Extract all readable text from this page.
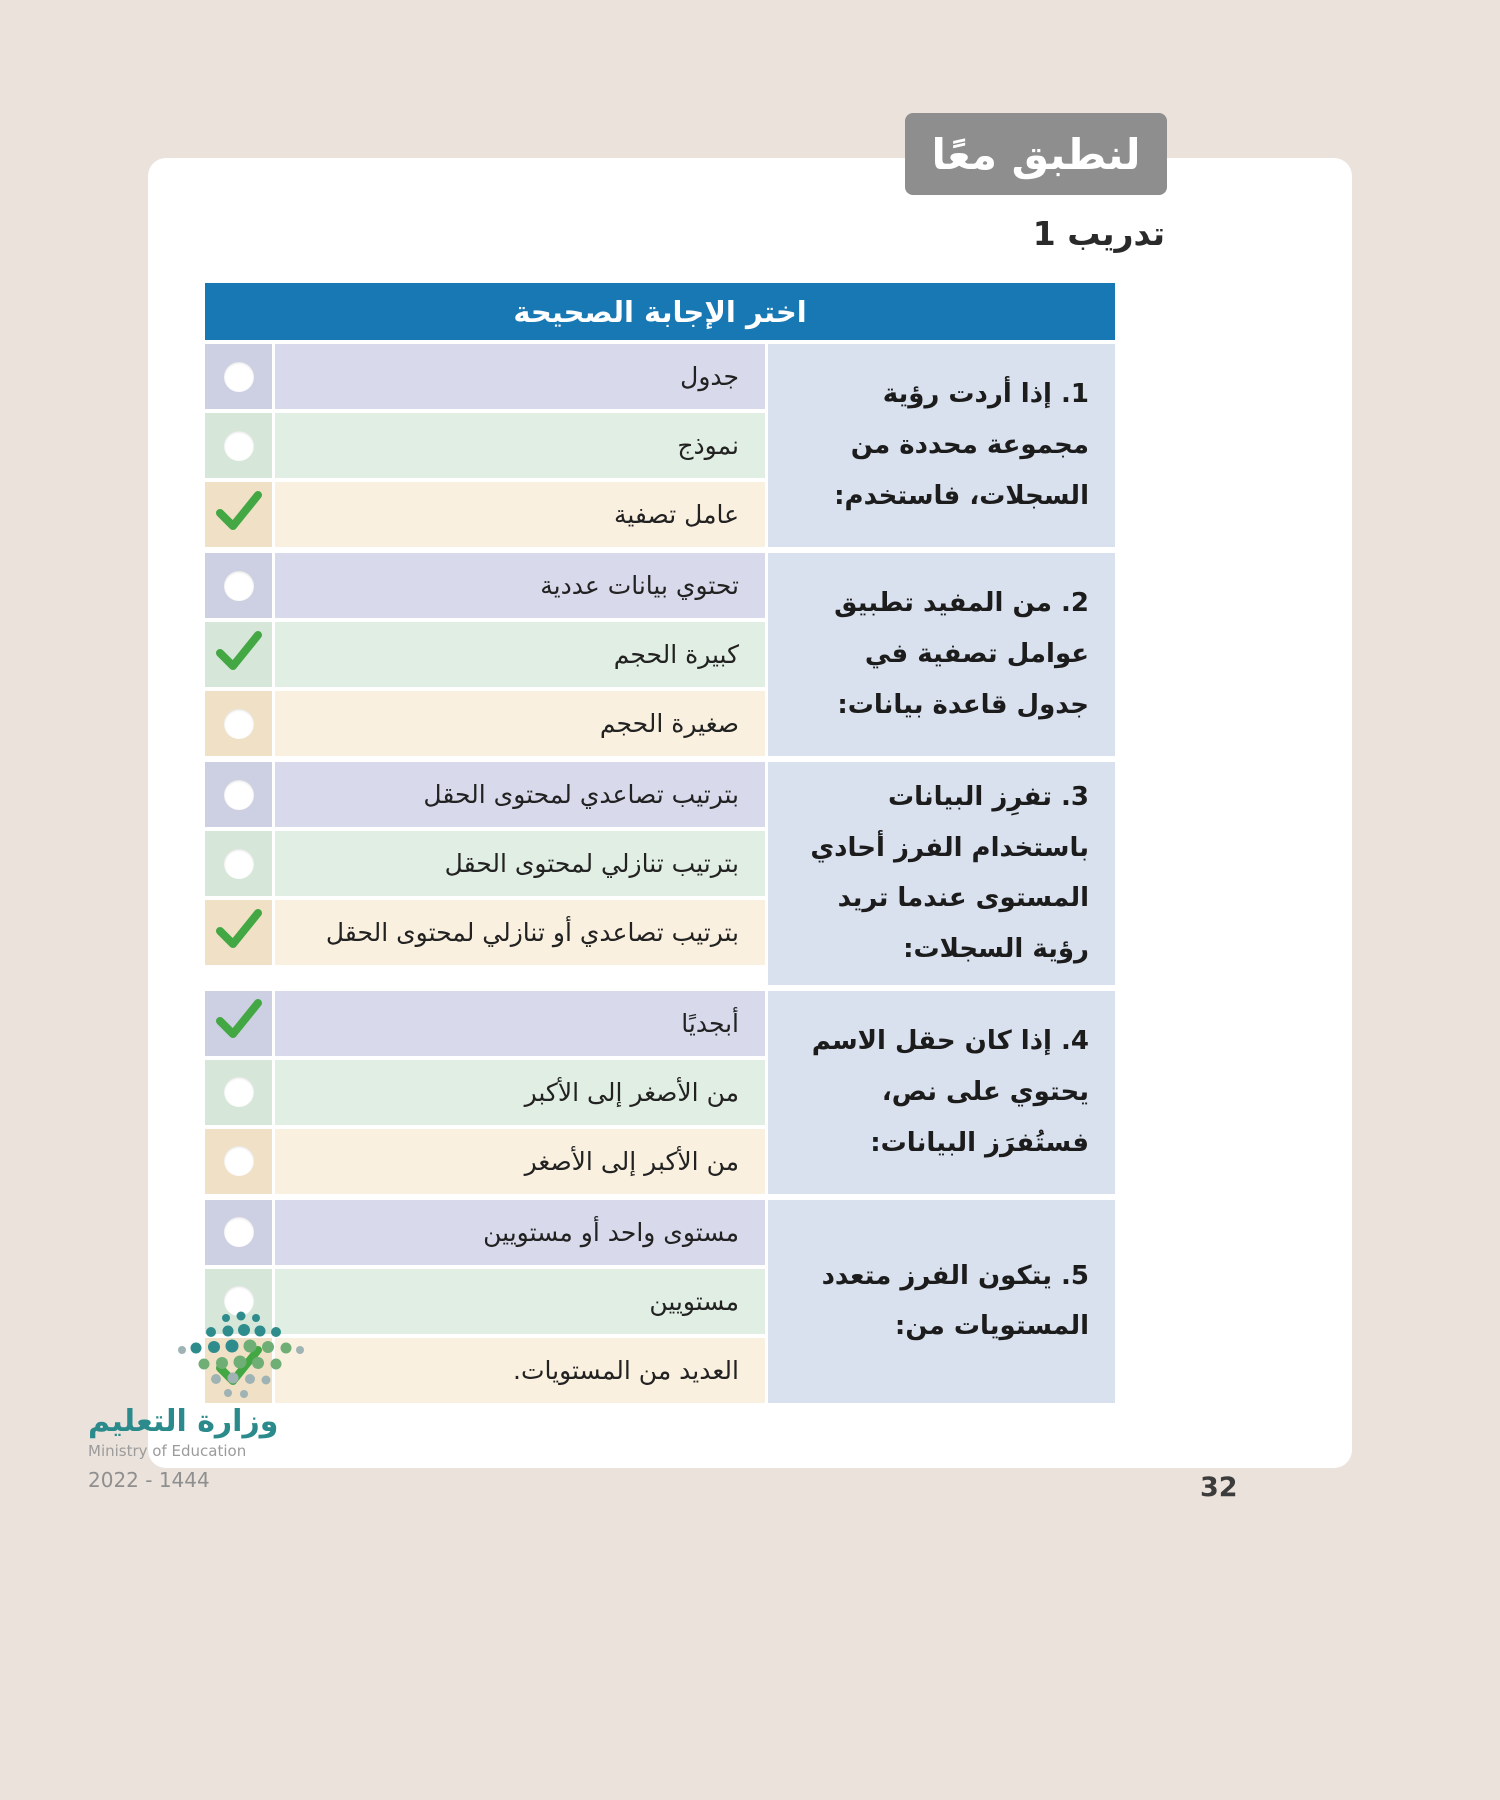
لنطبق معًا
تدريب 1
اختر الإجابة الصحيحة
1. إذا أردت رؤية مجموعة محددة من السجلات، فاستخدم:
جدول
نموذج
عامل تصفية
2. من المفيد تطبيق عوامل تصفية في جدول قاعدة بيانات:
تحتوي بيانات عددية
كبيرة الحجم
صغيرة الحجم
3. تفرِز البيانات باستخدام الفرز أحادي المستوى عندما تريد رؤية السجلات:
بترتيب تصاعدي لمحتوى الحقل
بترتيب تنازلي لمحتوى الحقل
بترتيب تصاعدي أو تنازلي لمحتوى الحقل
4. إذا كان حقل الاسم يحتوي على نص، فستُفرَز البيانات:
أبجديًا
من الأصغر إلى الأكبر
من الأكبر إلى الأصغر
5. يتكون الفرز متعدد المستويات من:
مستوى واحد أو مستويين
مستويين
العديد من المستويات.
وزارة التعليم
Ministry of Education
2022 - 1444	32
